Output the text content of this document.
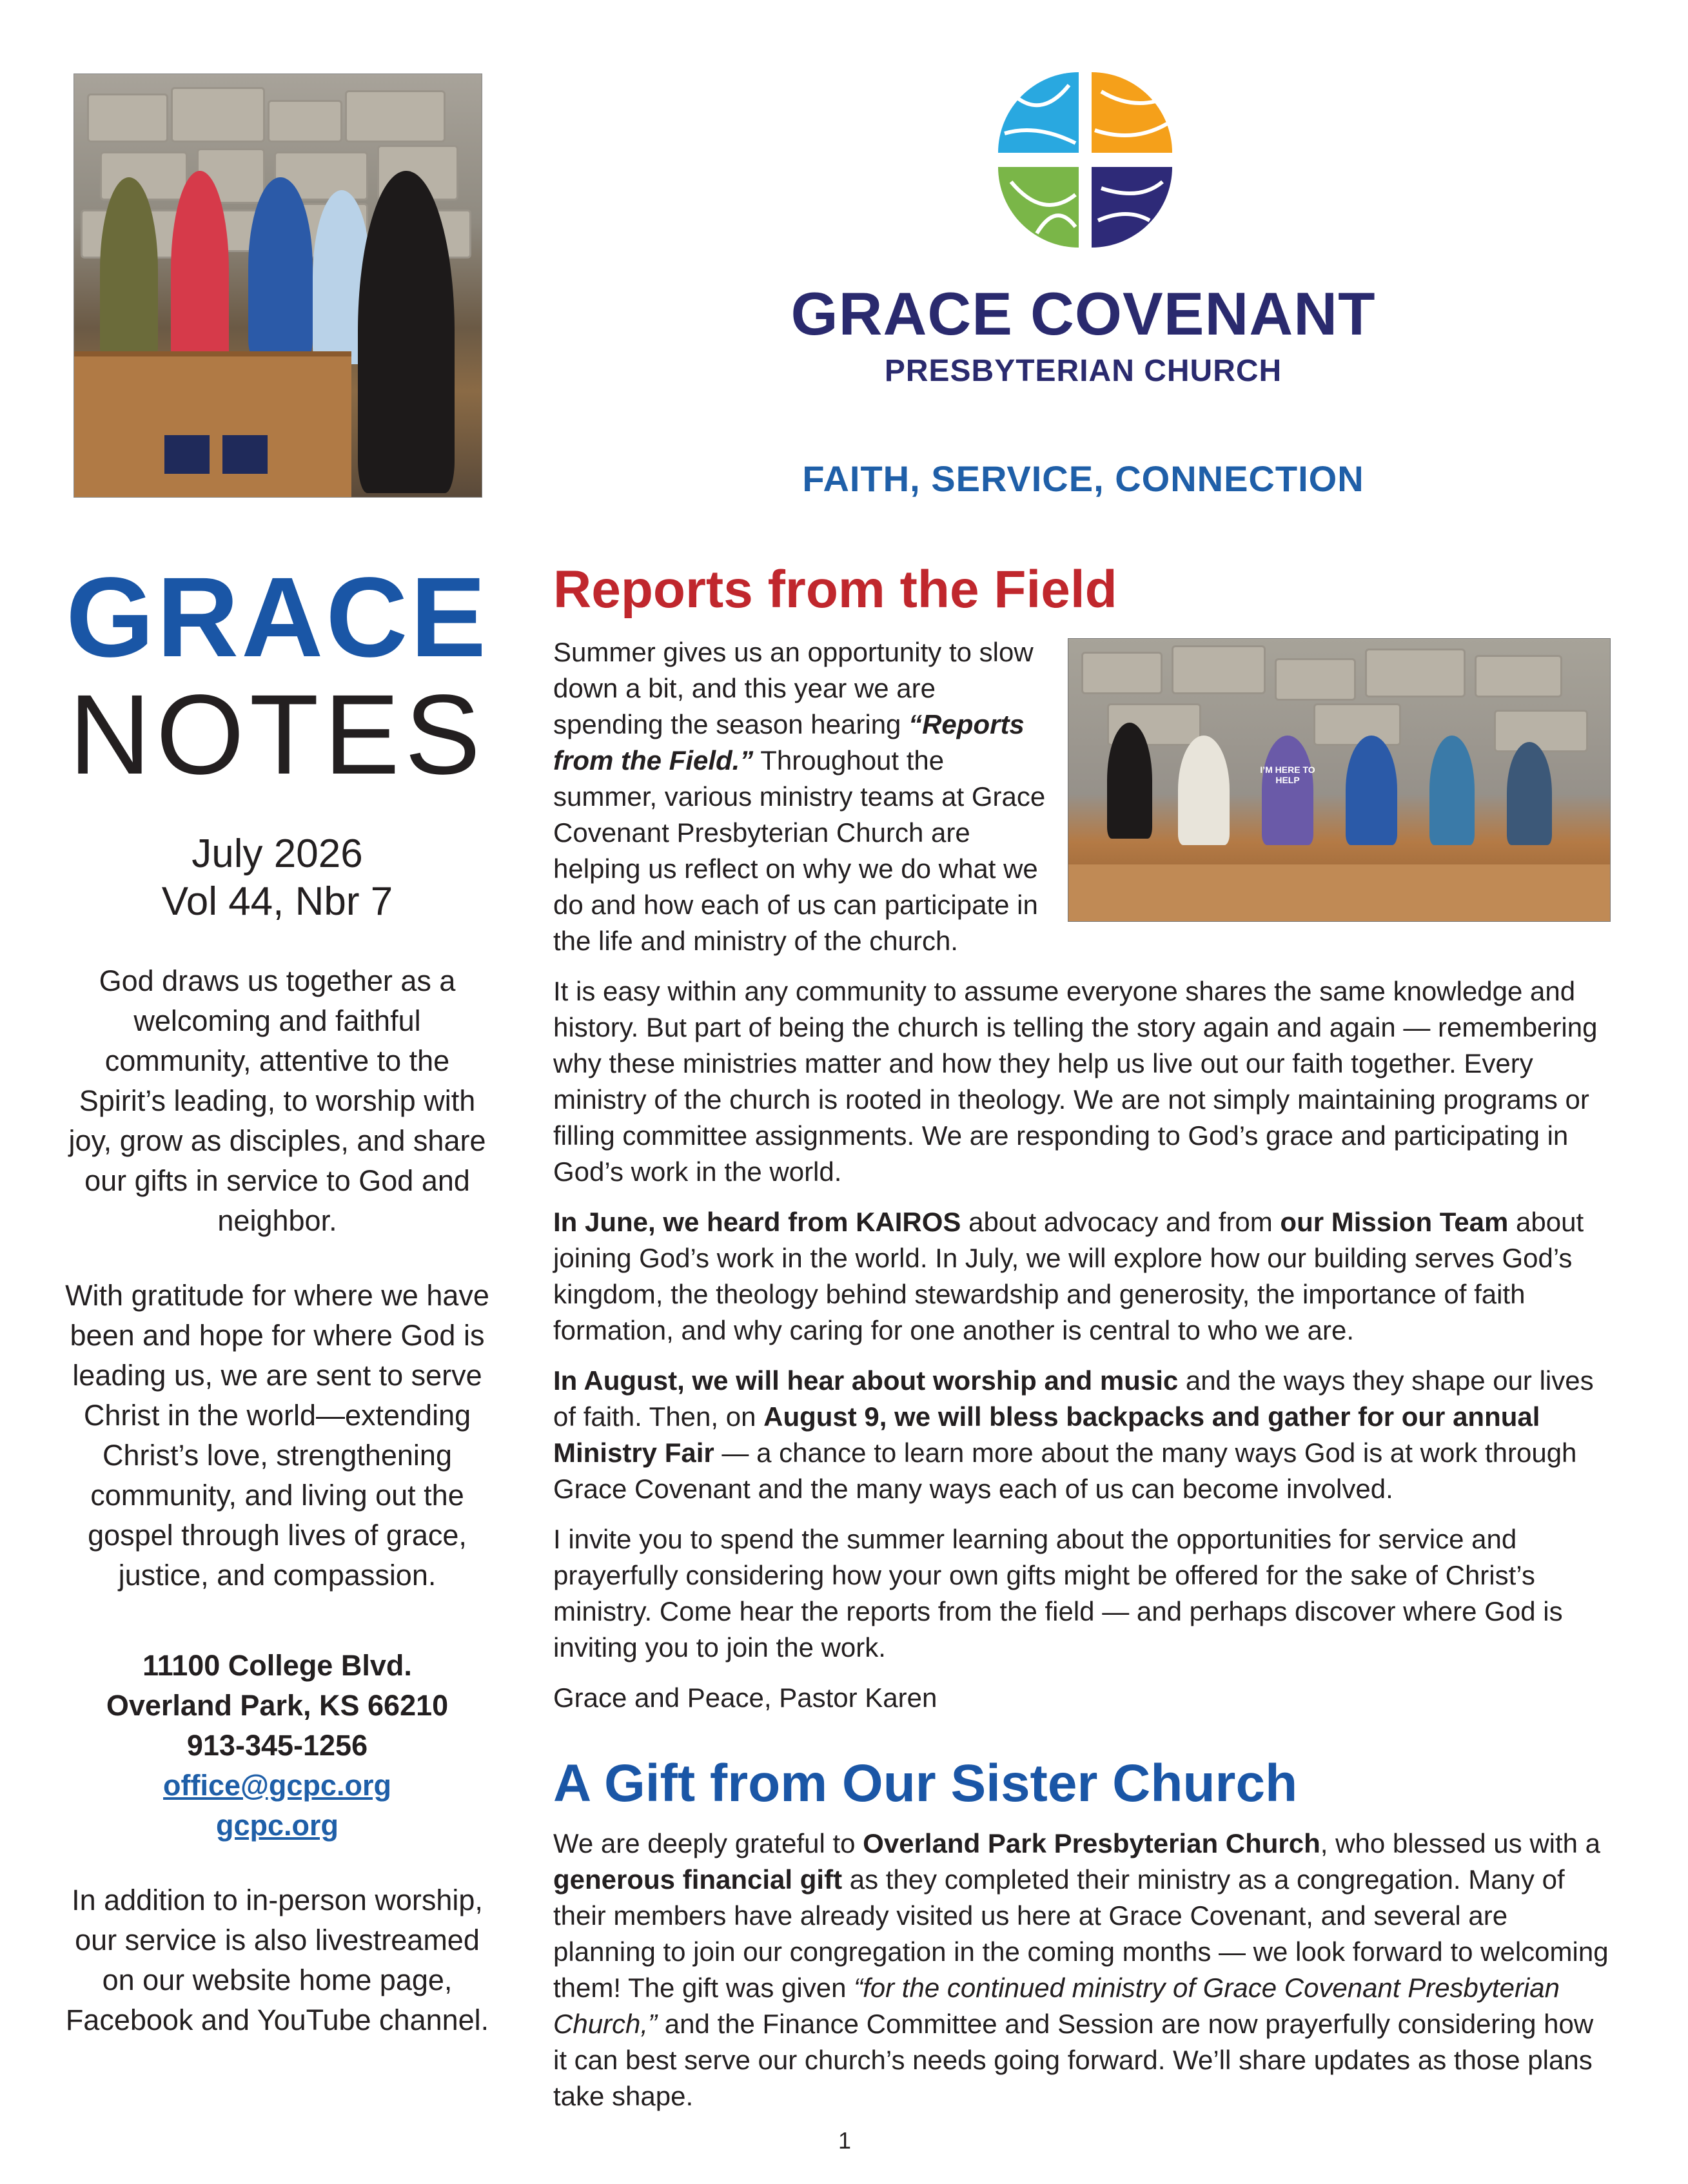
GRACE COVENANT
PRESBYTERIAN CHURCH
FAITH, SERVICE, CONNECTION
GRACE
NOTES
July 2026
Vol 44, Nbr 7
God draws us together as a welcoming and faithful community, attentive to the Spirit’s leading, to worship with joy, grow as disciples, and share our gifts in service to God and neighbor.
With gratitude for where we have been and hope for where God is leading us, we are sent to serve Christ in the world—extending Christ’s love, strengthening community, and living out the gospel through lives of grace, justice, and compassion.
11100 College Blvd.
Overland Park, KS 66210
913-345-1256
office@gcpc.org
gcpc.org
In addition to in-person worship, our service is also livestreamed on our website home page, Facebook and YouTube channel.
Reports from the Field
I’M HERE TO HELP
Summer gives us an opportunity to slow down a bit, and this year we are spending the season hearing “Reports from the Field.” Throughout the summer, various ministry teams at Grace Covenant Presbyterian Church are helping us reflect on why we do what we do and how each of us can participate in the life and ministry of the church.
It is easy within any community to assume everyone shares the same knowledge and history. But part of being the church is telling the story again and again — remembering why these ministries matter and how they help us live out our faith together. Every ministry of the church is rooted in theology. We are not simply maintaining programs or filling committee assignments. We are responding to God’s grace and participating in God’s work in the world.
In June, we heard from KAIROS about advocacy and from our Mission Team about joining God’s work in the world. In July, we will explore how our building serves God’s kingdom, the theology behind stewardship and generosity, the importance of faith formation, and why caring for one another is central to who we are.
In August, we will hear about worship and music and the ways they shape our lives of faith. Then, on August 9, we will bless backpacks and gather for our annual Ministry Fair — a chance to learn more about the many ways God is at work through Grace Covenant and the many ways each of us can become involved.
I invite you to spend the summer learning about the opportunities for service and prayerfully considering how your own gifts might be offered for the sake of Christ’s ministry. Come hear the reports from the field — and perhaps discover where God is inviting you to join the work.
Grace and Peace, Pastor Karen
A Gift from Our Sister Church
We are deeply grateful to Overland Park Presbyterian Church, who blessed us with a generous financial gift as they completed their ministry as a congregation. Many of their members have already visited us here at Grace Covenant, and several are planning to join our congregation in the coming months — we look forward to welcoming them! The gift was given “for the continued ministry of Grace Covenant Presbyterian Church,” and the Finance Committee and Session are now prayerfully considering how it can best serve our church’s needs going forward. We’ll share updates as those plans take shape.
1
